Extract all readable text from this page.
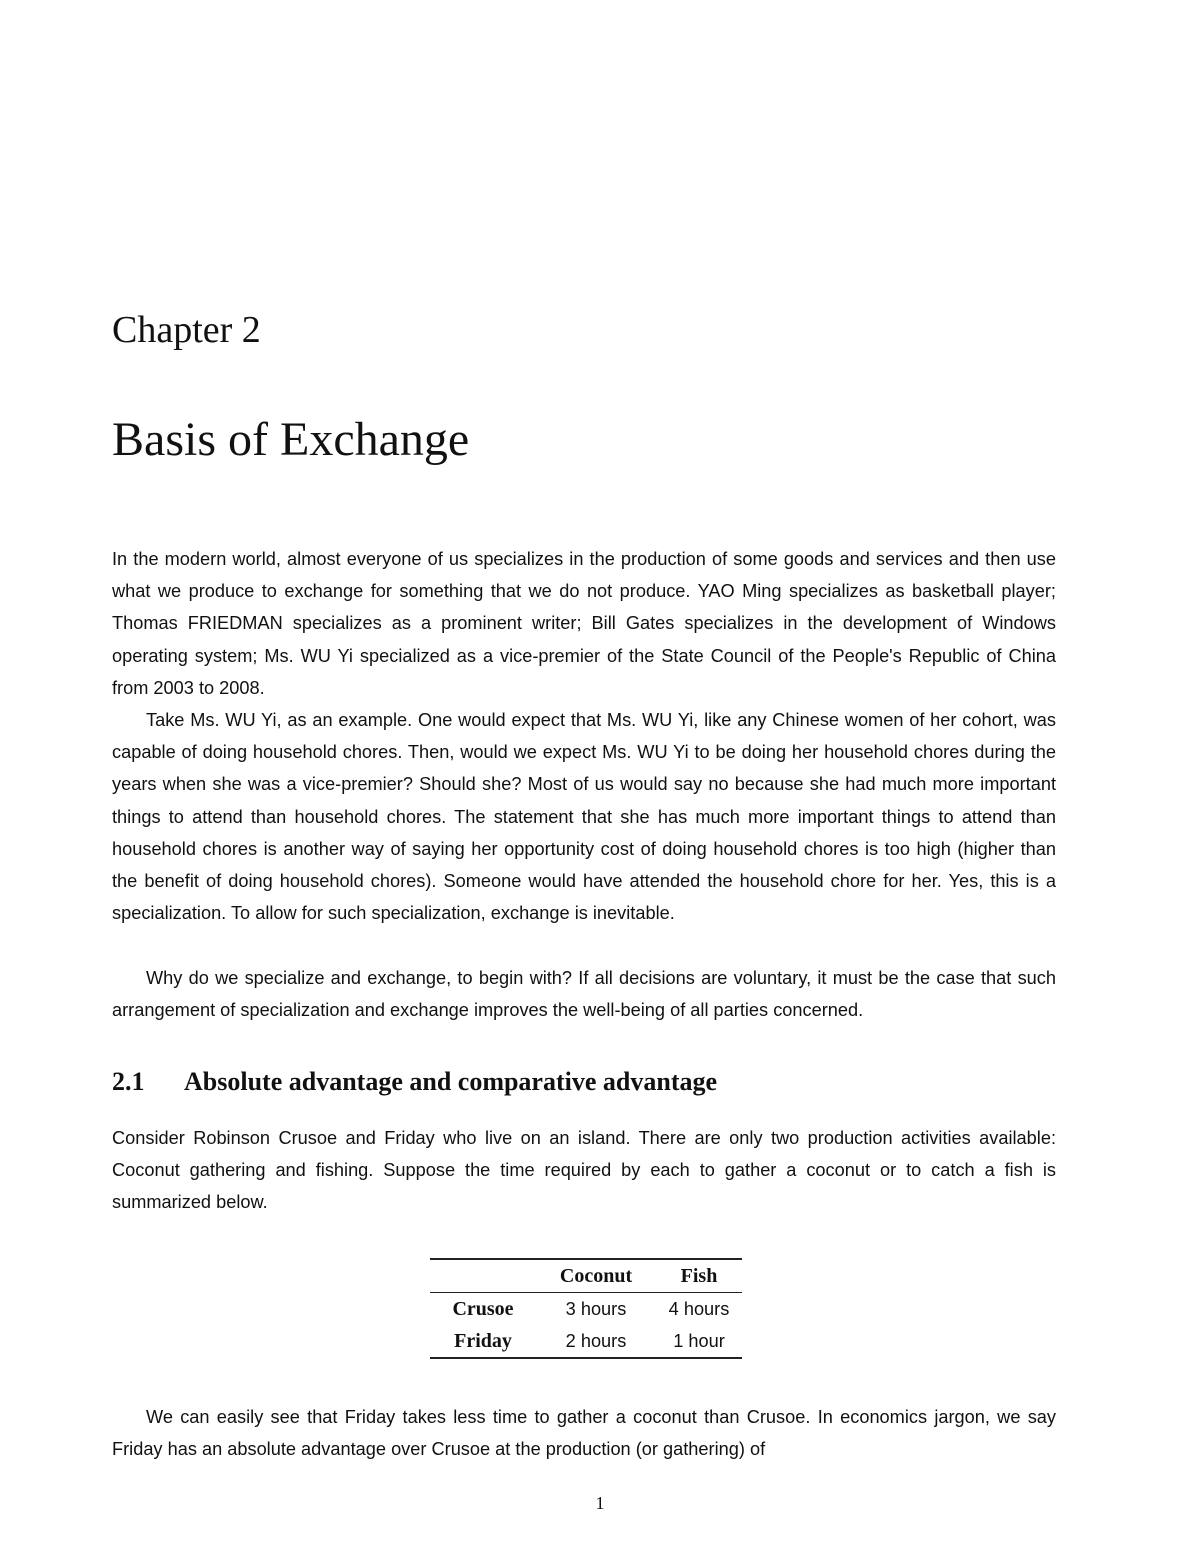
Chapter 2
Basis of Exchange

In the modern world, almost everyone of us specializes in the production of some goods and services and then use what we produce to exchange for something that we do not produce. YAO Ming specializes as basketball player; Thomas FRIEDMAN specializes as a prominent writer; Bill Gates specializes in the development of Windows operating system; Ms. WU Yi specialized as a vice-premier of the State Council of the People's Republic of China from 2003 to 2008.

Take Ms. WU Yi, as an example. One would expect that Ms. WU Yi, like any Chinese women of her cohort, was capable of doing household chores. Then, would we expect Ms. WU Yi to be doing her household chores during the years when she was a vice-premier? Should she? Most of us would say no because she had much more important things to attend than household chores. The statement that she has much more important things to attend than household chores is another way of saying her opportunity cost of doing household chores is too high (higher than the benefit of doing household chores). Someone would have attended the household chore for her. Yes, this is a specialization. To allow for such specialization, exchange is inevitable.

Why do we specialize and exchange, to begin with? If all decisions are voluntary, it must be the case that such arrangement of specialization and exchange improves the well-being of all parties concerned.

2.1 Absolute advantage and comparative advantage

Consider Robinson Crusoe and Friday who live on an island. There are only two production activities available: Coconut gathering and fishing. Suppose the time required by each to gather a coconut or to catch a fish is summarized below.

	Coconut	Fish
Crusoe	3 hours	4 hours
Friday	2 hours	1 hour

We can easily see that Friday takes less time to gather a coconut than Crusoe. In economics jargon, we say Friday has an absolute advantage over Crusoe at the production (or gathering) of

1
